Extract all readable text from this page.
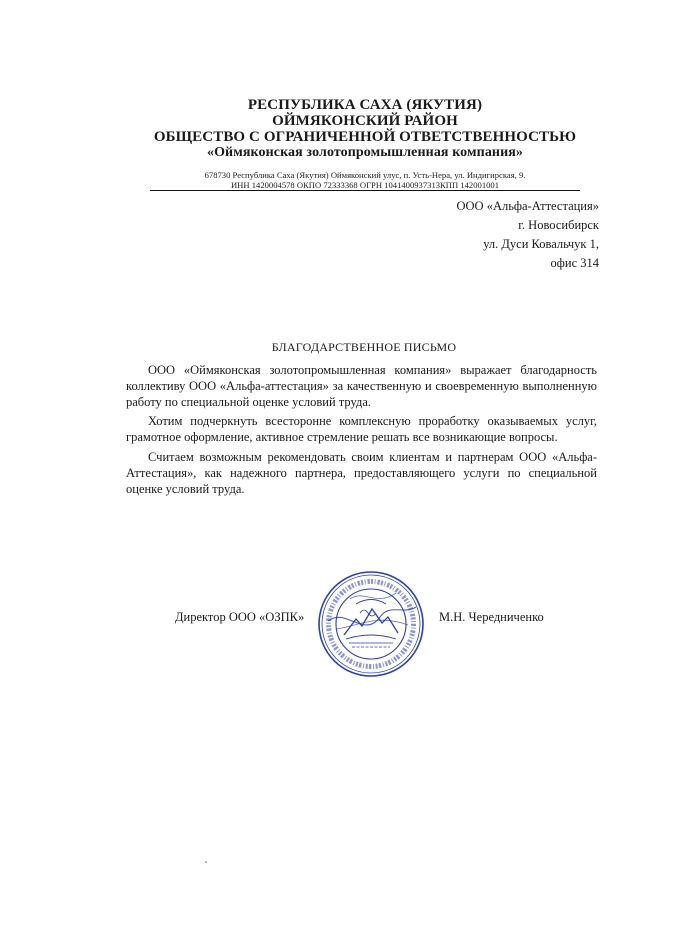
РЕСПУБЛИКА САХА (ЯКУТИЯ)
ОЙМЯКОНСКИЙ РАЙОН
ОБЩЕСТВО С ОГРАНИЧЕННОЙ ОТВЕТСТВЕННОСТЬЮ
«Оймяконская золотопромышленная компания»
678730 Республика Саха (Якутия) Оймяконский улус, п. Усть-Нера, ул. Индигирская, 9.
ИНН 1420004578 ОКПО 72333368 ОГРН 1041400937313КПП 142001001
ООО «Альфа-Аттестация»
г. Новосибирск
ул. Дуси Ковальчук 1,
офис 314
БЛАГОДАРСТВЕННОЕ ПИСЬМО

ООО «Оймяконская золотопромышленная компания» выражает благодарность коллективу ООО «Альфа-аттестация» за качественную и своевременную выполненную работу по специальной оценке условий труда.

Хотим подчеркнуть всесторонне комплексную проработку оказываемых услуг, грамотное оформление, активное стремление решать все возникающие вопросы.

Считаем возможным рекомендовать своим клиентам и партнерам ООО «Альфа-Аттестация», как надежного партнера, предоставляющего услуги по специальной оценке условий труда.

Директор ООО «ОЗПК»	М.Н. Чередниченко
